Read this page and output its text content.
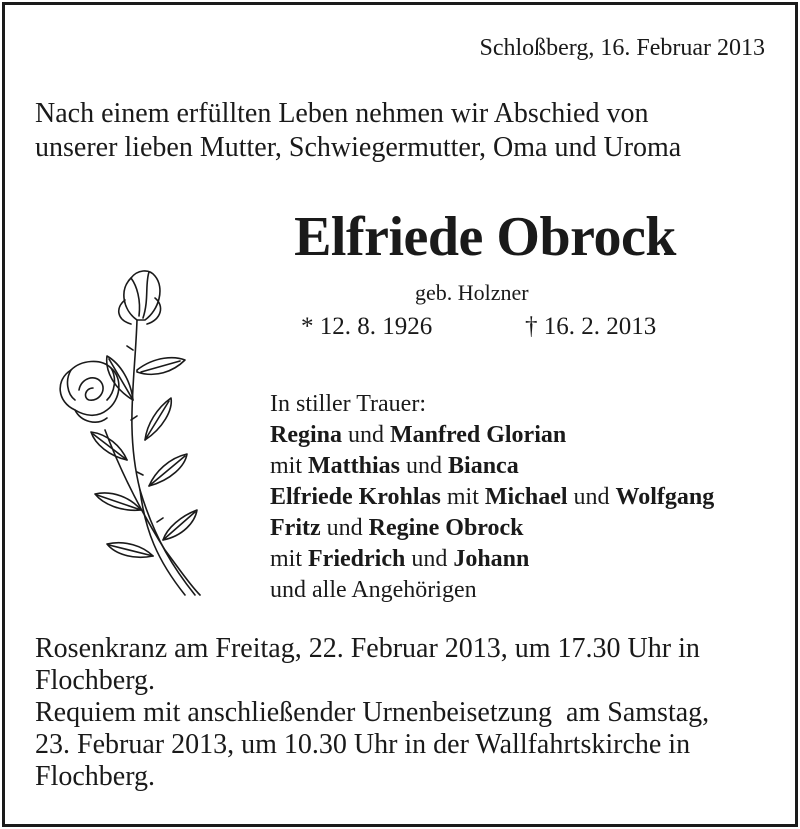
Schloßberg, 16. Februar 2013
Nach einem erfüllten Leben nehmen wir Abschied von
unserer lieben Mutter, Schwiegermutter, Oma und Uroma
Elfriede Obrock
geb. Holzner
* 12. 8. 1926	† 16. 2. 2013
In stiller Trauer:
Regina und Manfred Glorian
mit Matthias und Bianca
Elfriede Krohlas mit Michael und Wolfgang
Fritz und Regine Obrock
mit Friedrich und Johann
und alle Angehörigen
Rosenkranz am Freitag, 22. Februar 2013, um 17.30 Uhr in
Flochberg.
Requiem mit anschließender Urnenbeisetzung  am Samstag,
23. Februar 2013, um 10.30 Uhr in der Wallfahrtskirche in
Flochberg.
